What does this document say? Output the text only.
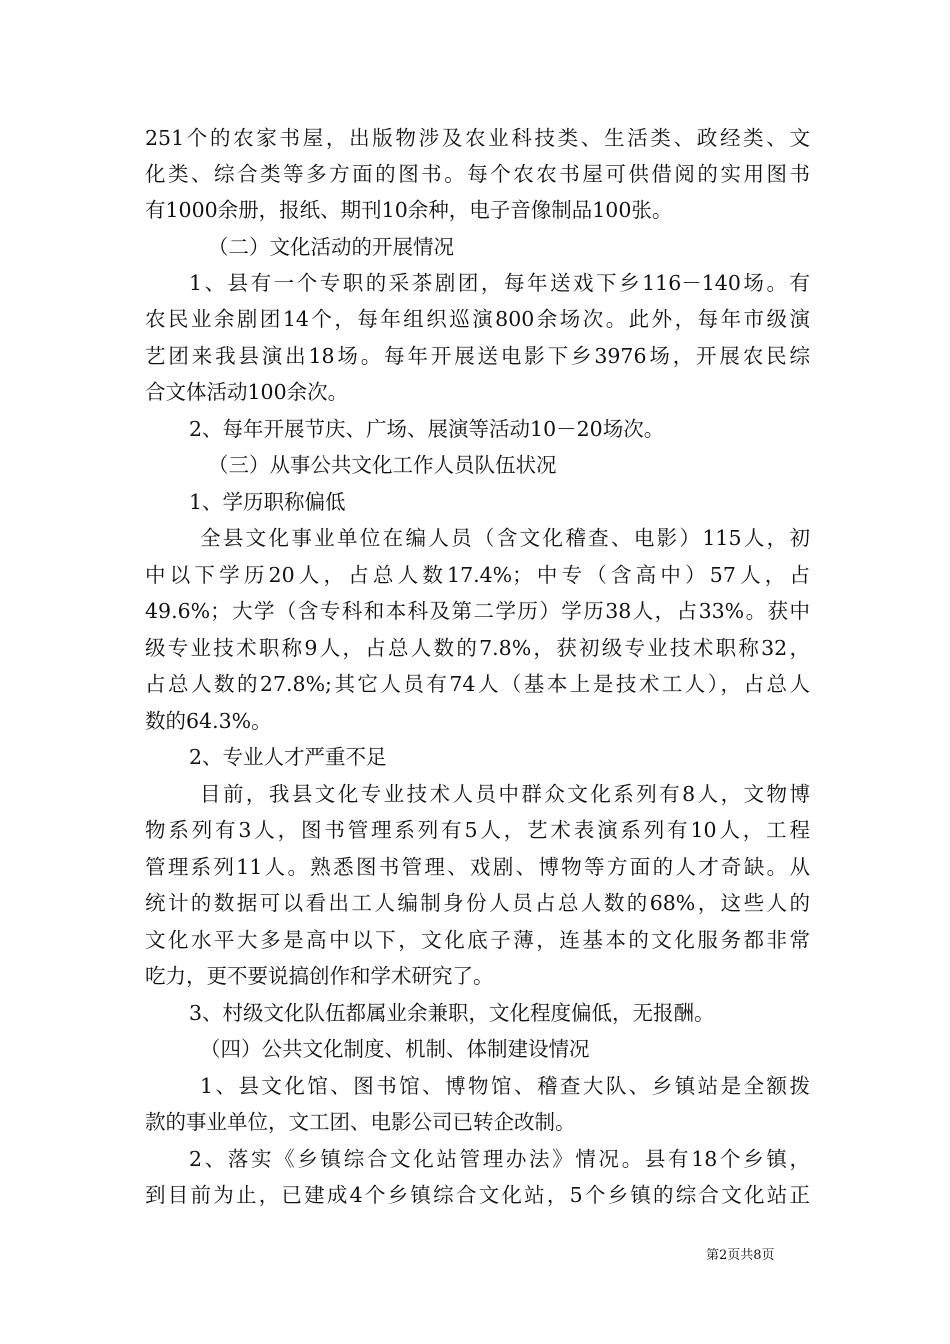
251个的农家书屋，出版物涉及农业科技类、生活类、政经类、文
化类、综合类等多方面的图书。每个农农书屋可供借阅的实用图书
有1000余册，报纸、期刊10余种，电子音像制品100张。
（二）文化活动的开展情况
1、县有一个专职的采茶剧团，每年送戏下乡116－140场。有
农民业余剧团14个，每年组织巡演800余场次。此外，每年市级演
艺团来我县演出18场。每年开展送电影下乡3976场，开展农民综
合文体活动100余次。
2、每年开展节庆、广场、展演等活动10－20场次。
（三）从事公共文化工作人员队伍状况
1、学历职称偏低
全县文化事业单位在编人员（含文化稽查、电影）115人，初
中以下学历20人，占总人数17.4%；中专（含高中）57人，占
49.6%；大学（含专科和本科及第二学历）学历38人，占33%。获中
级专业技术职称9人，占总人数的7.8%，获初级专业技术职称32，
占总人数的27.8%;其它人员有74人（基本上是技术工人），占总人
数的64.3%。
2、专业人才严重不足
目前，我县文化专业技术人员中群众文化系列有8人，文物博
物系列有3人，图书管理系列有5人，艺术表演系列有10人，工程
管理系列11人。熟悉图书管理、戏剧、博物等方面的人才奇缺。从
统计的数据可以看出工人编制身份人员占总人数的68%，这些人的
文化水平大多是高中以下，文化底子薄，连基本的文化服务都非常
吃力，更不要说搞创作和学术研究了。
3、村级文化队伍都属业余兼职，文化程度偏低，无报酬。
（四）公共文化制度、机制、体制建设情况
1、县文化馆、图书馆、博物馆、稽查大队、乡镇站是全额拨
款的事业单位，文工团、电影公司已转企改制。
2、落实《乡镇综合文化站管理办法》情况。县有18个乡镇，
到目前为止，已建成4个乡镇综合文化站，5个乡镇的综合文化站正
第2页共8页
